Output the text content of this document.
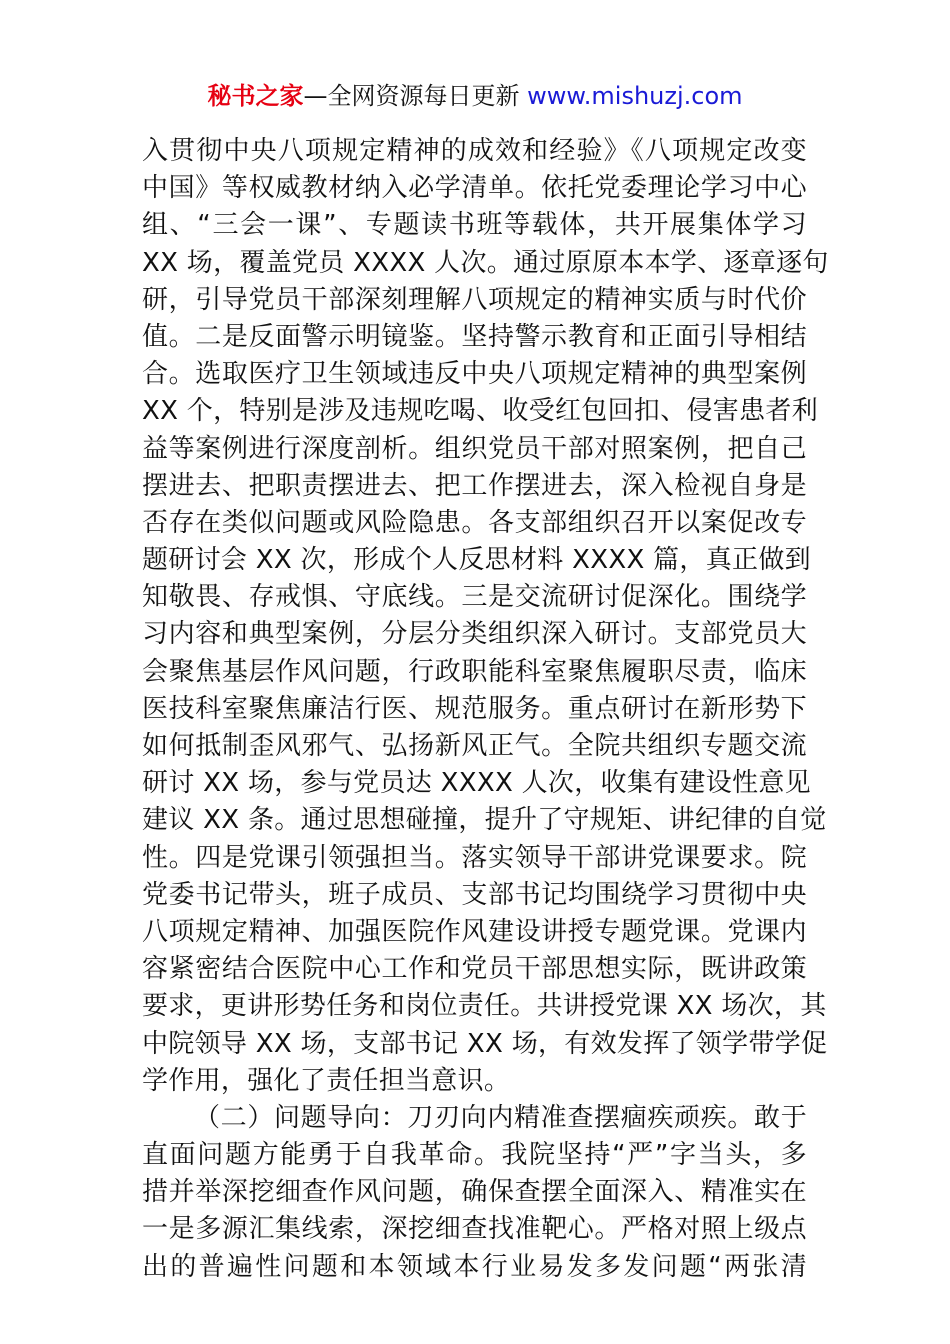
秘书之家—全网资源每日更新 www.mishuzj.com
入贯彻中央八项规定精神的成效和经验》《八项规定改变
中国》等权威教材纳入必学清单。依托党委理论学习中心
组、“三会一课”、专题读书班等载体，共开展集体学习
XX 场，覆盖党员 XXXX 人次。通过原原本本学、逐章逐句
研，引导党员干部深刻理解八项规定的精神实质与时代价
值。二是反面警示明镜鉴。坚持警示教育和正面引导相结
合。选取医疗卫生领域违反中央八项规定精神的典型案例
XX 个，特别是涉及违规吃喝、收受红包回扣、侵害患者利
益等案例进行深度剖析。组织党员干部对照案例，把自己
摆进去、把职责摆进去、把工作摆进去，深入检视自身是
否存在类似问题或风险隐患。各支部组织召开以案促改专
题研讨会 XX 次，形成个人反思材料 XXXX 篇，真正做到
知敬畏、存戒惧、守底线。三是交流研讨促深化。围绕学
习内容和典型案例，分层分类组织深入研讨。支部党员大
会聚焦基层作风问题，行政职能科室聚焦履职尽责，临床
医技科室聚焦廉洁行医、规范服务。重点研讨在新形势下
如何抵制歪风邪气、弘扬新风正气。全院共组织专题交流
研讨 XX 场，参与党员达 XXXX 人次，收集有建设性意见
建议 XX 条。通过思想碰撞，提升了守规矩、讲纪律的自觉
性。四是党课引领强担当。落实领导干部讲党课要求。院
党委书记带头，班子成员、支部书记均围绕学习贯彻中央
八项规定精神、加强医院作风建设讲授专题党课。党课内
容紧密结合医院中心工作和党员干部思想实际，既讲政策
要求，更讲形势任务和岗位责任。共讲授党课 XX 场次，其
中院领导 XX 场，支部书记 XX 场，有效发挥了领学带学促
学作用，强化了责任担当意识。
（二）问题导向：刀刃向内精准查摆痼疾顽疾。敢于
直面问题方能勇于自我革命。我院坚持“严”字当头，多
措并举深挖细查作风问题，确保查摆全面深入、精准实在
一是多源汇集线索，深挖细查找准靶心。严格对照上级点
出的普遍性问题和本领域本行业易发多发问题“两张清
